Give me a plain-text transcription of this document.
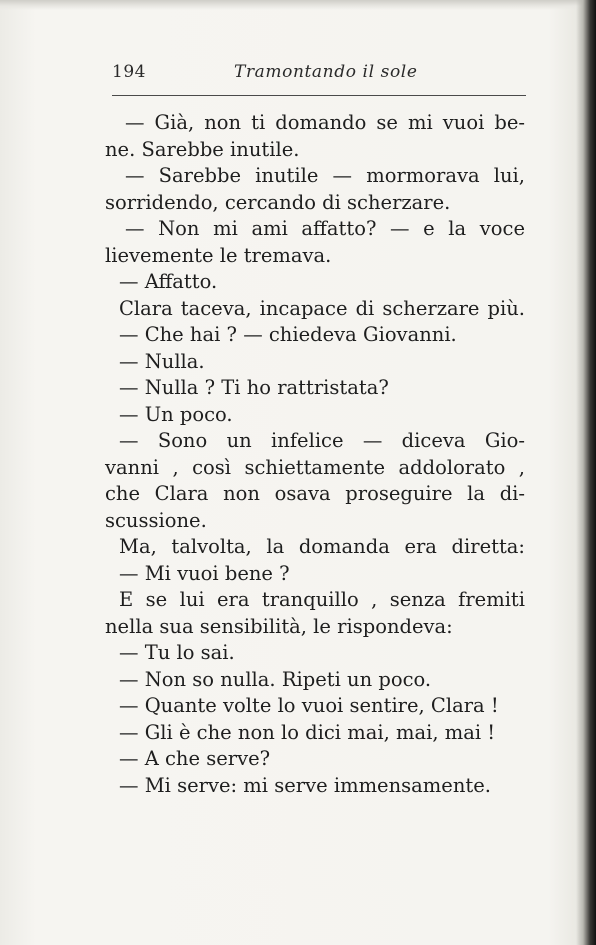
194	Tramontando il sole
— Già, non ti domando se mi vuoi be-
ne. Sarebbe inutile.
— Sarebbe inutile — mormorava lui,
sorridendo, cercando di scherzare.
— Non mi ami affatto? — e la voce
lievemente le tremava.
— Affatto.
Clara taceva, incapace di scherzare più.
— Che hai ? — chiedeva Giovanni.
— Nulla.
— Nulla ? Ti ho rattristata?
— Un poco.
— Sono un infelice — diceva Gio-
vanni , così schiettamente addolorato ,
che Clara non osava proseguire la di-
scussione.
Ma, talvolta, la domanda era diretta:
— Mi vuoi bene ?
E se lui era tranquillo , senza fremiti
nella sua sensibilità, le rispondeva:
— Tu lo sai.
— Non so nulla. Ripeti un poco.
— Quante volte lo vuoi sentire, Clara !
— Gli è che non lo dici mai, mai, mai !
— A che serve?
— Mi serve: mi serve immensamente.
